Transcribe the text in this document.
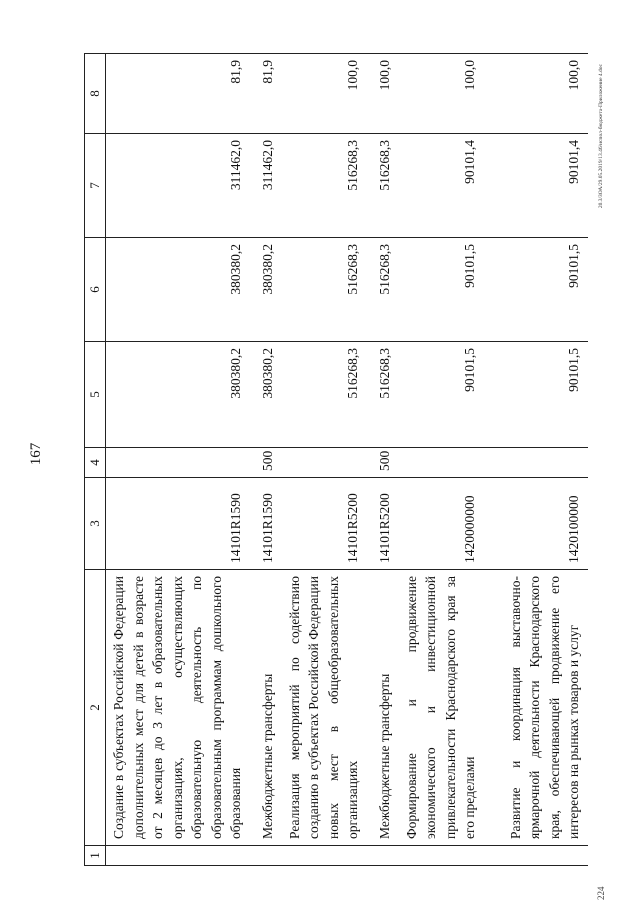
167
1	2	3	4	5	6	7	8
	Создание в субъектах Российской Федерации дополнительных мест для детей в возрасте от 2 месяцев до 3 лет в образовательных организациях, осуществляющих образовательную деятельность по образовательным программам дошкольного образования	14101R1590		380380,2	380380,2	311462,0	81,9
	Межбюджетные трансферты	14101R1590	500	380380,2	380380,2	311462,0	81,9
	Реализация мероприятий по содействию созданию в субъектах Российской Федерации новых мест в общеобразовательных организациях	14101R5200		516268,3	516268,3	516268,3	100,0
	Межбюджетные трансферты	14101R5200	500	516268,3	516268,3	516268,3	100,0
	Формирование и продвижение экономического и инвестиционной привлекательности Краснодарского края за его пределами	1420000000		90101,5	90101,5	90101,4	100,0
	Развитие и координация выставочно-ярмарочной деятельности Краснодарского края, обеспечивающей продвижение его интересов на рынках товаров и услуг	1420100000		90101,5	90101,5	90101,4	100,0	20.3/ЗОА/29.05.2019/13.46/испол-бюджета-Приложение 4.doc
224
